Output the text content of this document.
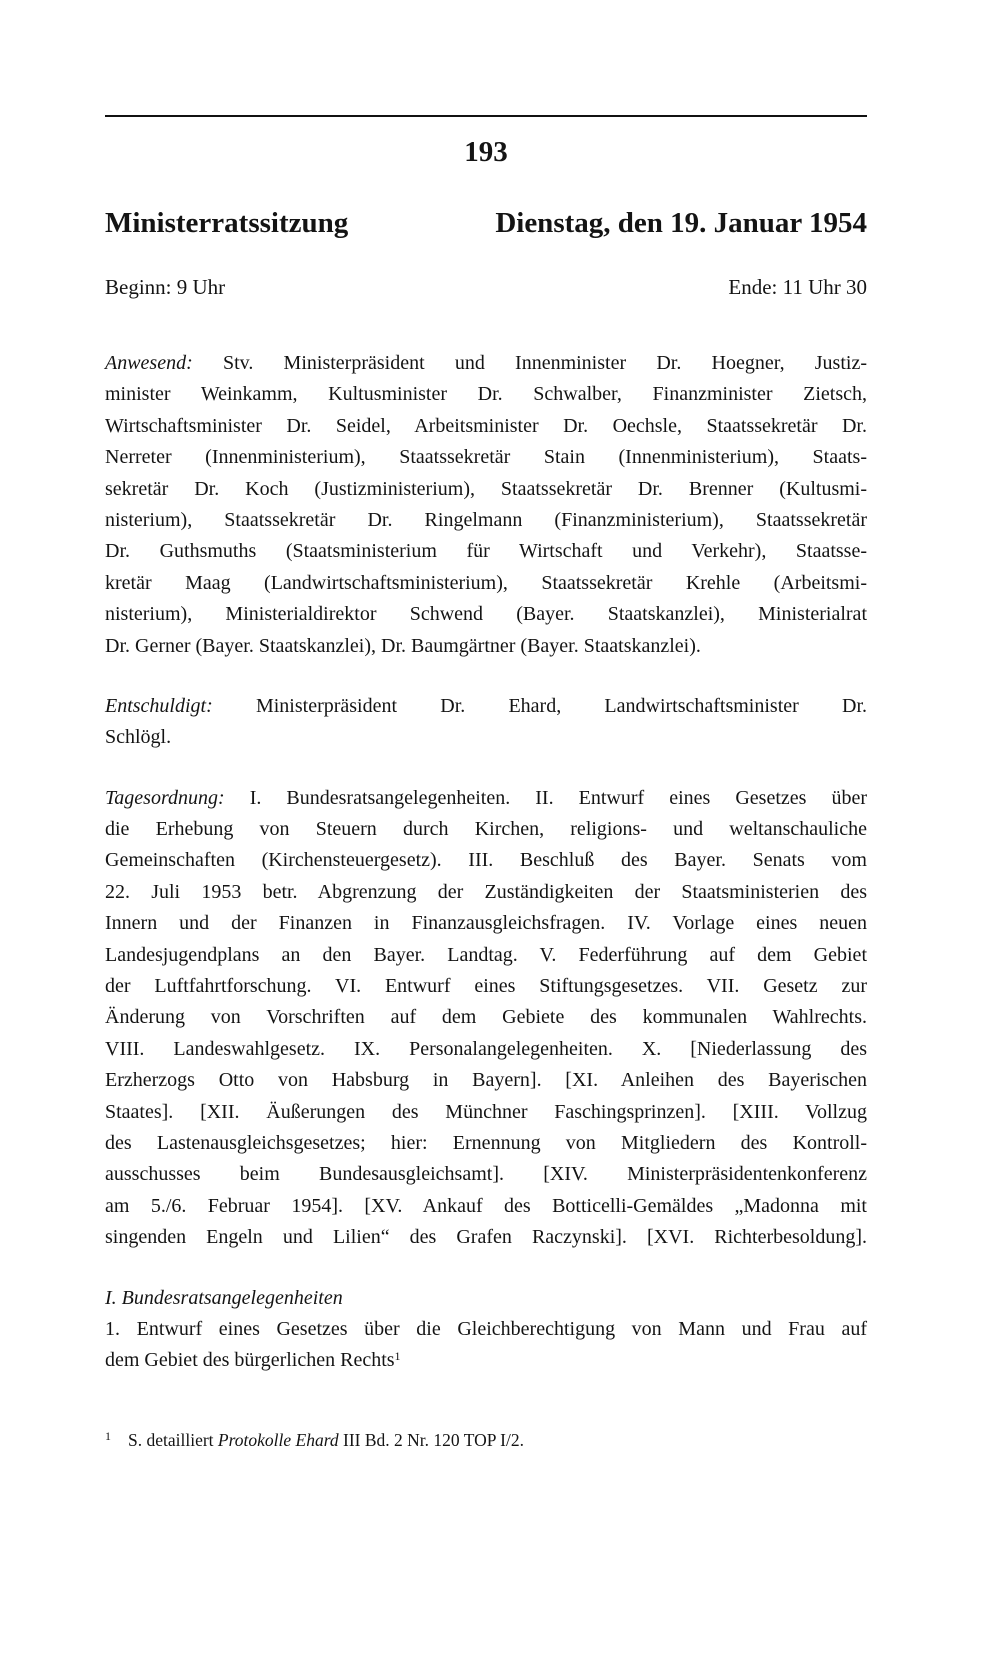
193
Ministerratssitzung	Dienstag, den 19. Januar 1954
Beginn: 9 Uhr	Ende: 11 Uhr 30
Anwesend: Stv. Ministerpräsident und Innenminister Dr. Hoegner, Justiz-
minister Weinkamm, Kultusminister Dr. Schwalber, Finanzminister Zietsch,
Wirtschaftsminister Dr. Seidel, Arbeitsminister Dr. Oechsle, Staatssekretär Dr.
Nerreter (Innenministerium), Staatssekretär Stain (Innenministerium), Staats-
sekretär Dr. Koch (Justizministerium), Staatssekretär Dr. Brenner (Kultusmi-
nisterium), Staatssekretär Dr. Ringelmann (Finanzministerium), Staatssekretär
Dr. Guthsmuths (Staatsministerium für Wirtschaft und Verkehr), Staatsse-
kretär Maag (Landwirtschaftsministerium), Staatssekretär Krehle (Arbeitsmi-
nisterium), Ministerialdirektor Schwend (Bayer. Staatskanzlei), Ministerialrat
Dr. Gerner (Bayer. Staatskanzlei), Dr. Baumgärtner (Bayer. Staatskanzlei).
Entschuldigt: Ministerpräsident Dr. Ehard, Landwirtschaftsminister Dr.
Schlögl.
Tagesordnung: I. Bundesratsangelegenheiten. II. Entwurf eines Gesetzes über
die Erhebung von Steuern durch Kirchen, religions- und weltanschauliche
Gemeinschaften (Kirchensteuergesetz). III. Beschluß des Bayer. Senats vom
22. Juli 1953 betr. Abgrenzung der Zuständigkeiten der Staatsministerien des
Innern und der Finanzen in Finanzausgleichsfragen. IV. Vorlage eines neuen
Landesjugendplans an den Bayer. Landtag. V. Federführung auf dem Gebiet
der Luftfahrtforschung. VI. Entwurf eines Stiftungsgesetzes. VII. Gesetz zur
Änderung von Vorschriften auf dem Gebiete des kommunalen Wahlrechts.
VIII. Landeswahlgesetz. IX. Personalangelegenheiten. X. [Niederlassung des
Erzherzogs Otto von Habsburg in Bayern]. [XI. Anleihen des Bayerischen
Staates]. [XII. Äußerungen des Münchner Faschingsprinzen]. [XIII. Vollzug
des Lastenausgleichsgesetzes; hier: Ernennung von Mitgliedern des Kontroll-
ausschusses beim Bundesausgleichsamt]. [XIV. Ministerpräsidentenkonferenz
am 5./6. Februar 1954]. [XV. Ankauf des Botticelli-Gemäldes „Madonna mit
singenden Engeln und Lilien“ des Grafen Raczynski]. [XVI. Richterbesoldung].
I. Bundesratsangelegenheiten
1. Entwurf eines Gesetzes über die Gleichberechtigung von Mann und Frau auf
dem Gebiet des bürgerlichen Rechts$^1$
$^1$ S. detailliert Protokolle Ehard III Bd. 2 Nr. 120 TOP I/2.
